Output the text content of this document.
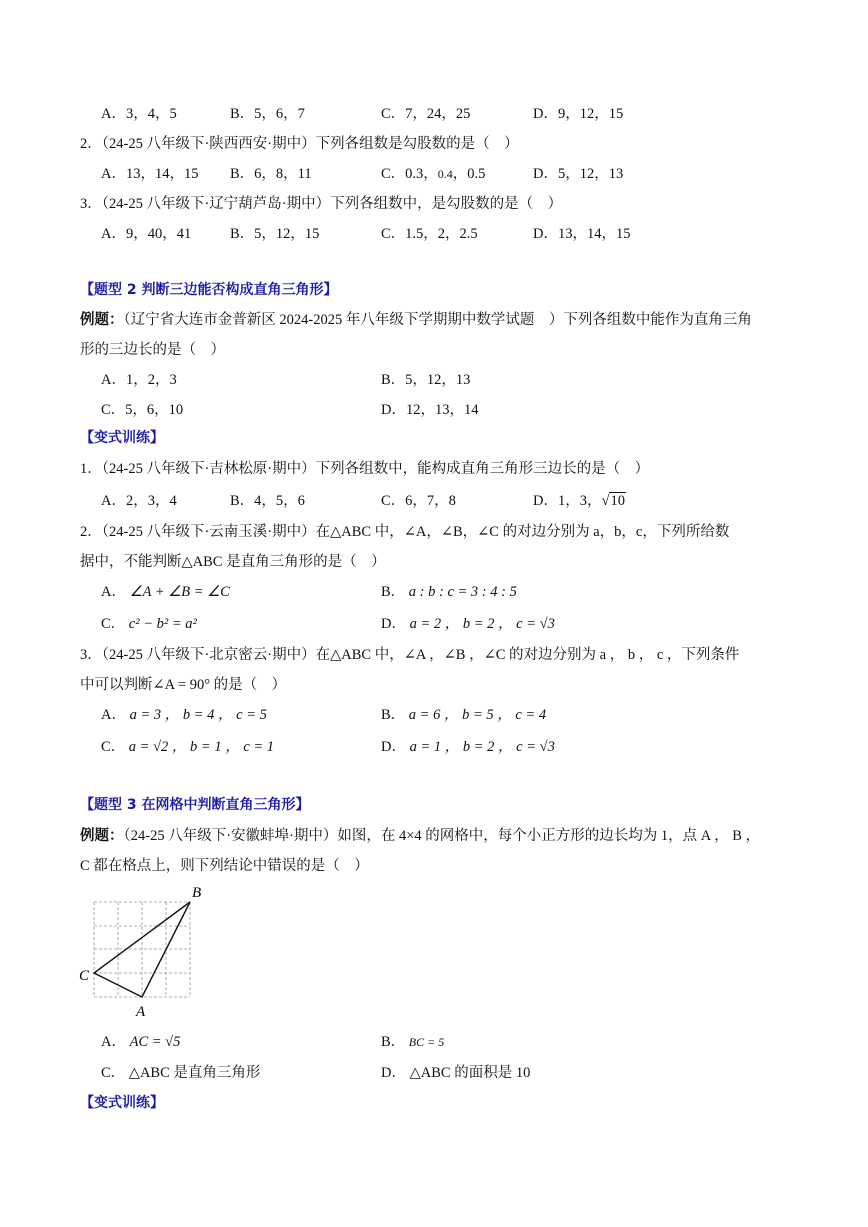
A．3，4，5	B．5，6，7	C．7，24，25	D．9，12，15
2．（24-25 八年级下·陕西西安·期中）下列各组数是勾股数的是（　）
A．13，14，15 B．6，8，11	C．0.3，0.4，0.5	D．5，12，13
3．（24-25 八年级下·辽宁葫芦岛·期中）下列各组数中，是勾股数的是（　）
A．9，40，41	B．5，12，15	C．1.5，2，2.5	D．13，14，15
【题型 2 判断三边能否构成直角三角形】
例题：（辽宁省大连市金普新区 2024-2025 年八年级下学期期中数学试题　）下列各组数中能作为直角三角
形的三边长的是（　）
A．1，2，3	B．5，12，13
C．5，6，10	D．12，13，14
【变式训练】
1．（24-25 八年级下·吉林松原·期中）下列各组数中，能构成直角三角形三边长的是（　）
A．2，3，4	B．4，5，6	C．6，7，8	D．1，3，√10
2．（24-25 八年级下·云南玉溪·期中）在△ABC 中，∠A，∠B，∠C 的对边分别为 a，b，c，下列所给数
据中，不能判断△ABC 是直角三角形的是（　）
A． ∠A + ∠B = ∠C	B． a : b : c = 3 : 4 : 5
C． c² − b² = a²	D． a = 2 ， b = 2 ， c = √3
3．（24-25 八年级下·北京密云·期中）在△ABC 中，∠A ，∠B ，∠C 的对边分别为 a ， b ， c ，下列条件
中可以判断∠A = 90° 的是（　）
A． a = 3 ， b = 4 ， c = 5	B． a = 6 ， b = 5 ， c = 4
C． a = √2 ， b = 1 ， c = 1	D． a = 1 ， b = 2 ， c = √3
【题型 3 在网格中判断直角三角形】
例题：（24-25 八年级下·安徽蚌埠·期中）如图，在 4×4 的网格中，每个小正方形的边长均为 1，点 A ， B ，
C 都在格点上，则下列结论中错误的是（　）
B
C
A
A． AC = √5	B． BC = 5
C． △ABC 是直角三角形	D． △ABC 的面积是 10
【变式训练】
